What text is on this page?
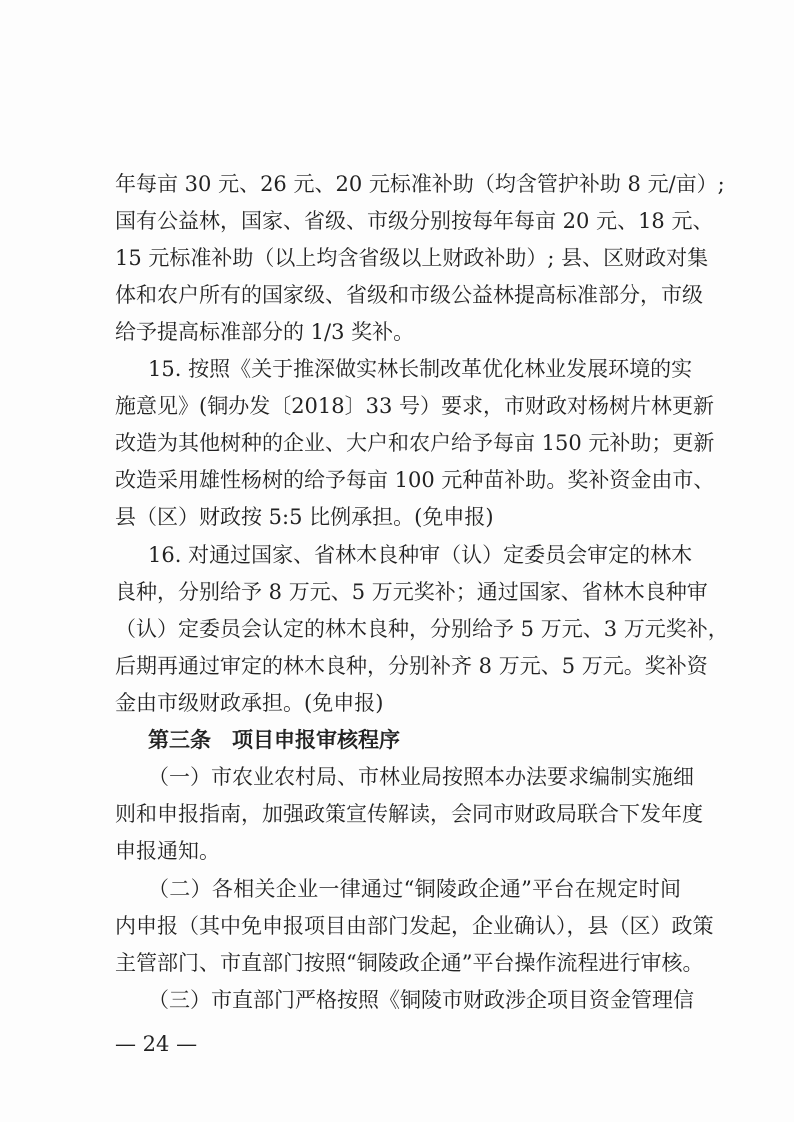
年每亩 30 元、26 元、20 元标准补助（均含管护补助 8 元/亩）;
国有公益林，国家、省级、市级分别按每年每亩 20 元、18 元、
15 元标准补助（以上均含省级以上财政补助）; 县、区财政对集
体和农户所有的国家级、省级和市级公益林提高标准部分，市级
给予提高标准部分的 1/3 奖补。
15. 按照《关于推深做实林长制改革优化林业发展环境的实
施意见》(铜办发〔2018〕33 号）要求，市财政对杨树片林更新
改造为其他树种的企业、大户和农户给予每亩 150 元补助；更新
改造采用雄性杨树的给予每亩 100 元种苗补助。奖补资金由市、
县（区）财政按 5:5 比例承担。(免申报)
16. 对通过国家、省林木良种审（认）定委员会审定的林木
良种，分别给予 8 万元、5 万元奖补；通过国家、省林木良种审
（认）定委员会认定的林木良种，分别给予 5 万元、3 万元奖补，
后期再通过审定的林木良种，分别补齐 8 万元、5 万元。奖补资
金由市级财政承担。(免申报)
第三条　项目申报审核程序
（一）市农业农村局、市林业局按照本办法要求编制实施细
则和申报指南，加强政策宣传解读，会同市财政局联合下发年度
申报通知。
（二）各相关企业一律通过“铜陵政企通”平台在规定时间
内申报（其中免申报项目由部门发起，企业确认），县（区）政策
主管部门、市直部门按照“铜陵政企通”平台操作流程进行审核。
（三）市直部门严格按照《铜陵市财政涉企项目资金管理信
— 24 —
